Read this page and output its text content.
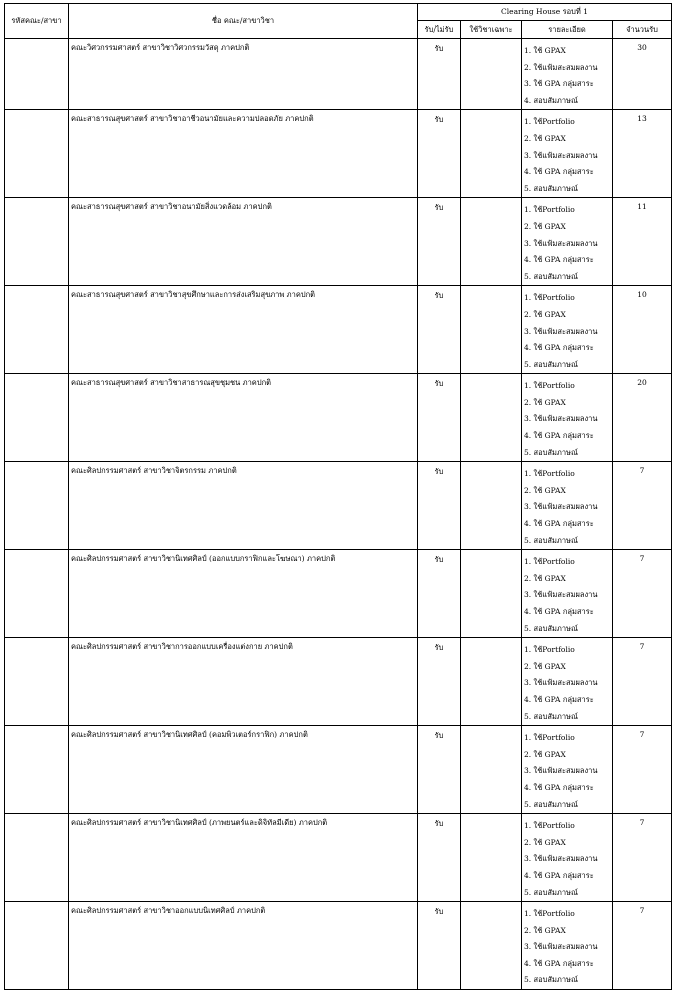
รหัสคณะ/สาขา	ชื่อ คณะ/สาขาวิชา	Clearing House รอบที่ 1			
		รับ/ไม่รับ	ใช้วิชาเฉพาะ	รายละเอียด	จำนวนรับ
	คณะวิศวกรรมศาสตร์ สาขาวิชาวิศวกรรมวัสดุ ภาคปกติ	รับ		1. ใช้ GPAX
2. ใช้แฟ้มสะสมผลงาน
3. ใช้ GPA กลุ่มสาระ
4. สอบสัมภาษณ์	30
	คณะสาธารณสุขศาสตร์ สาขาวิชาอาชีวอนามัยและความปลอดภัย ภาคปกติ	รับ		1. ใช้Portfolio
2. ใช้ GPAX
3. ใช้แฟ้มสะสมผลงาน
4. ใช้ GPA กลุ่มสาระ
5. สอบสัมภาษณ์	13
	คณะสาธารณสุขศาสตร์ สาขาวิชาอนามัยสิ่งแวดล้อม ภาคปกติ	รับ		1. ใช้Portfolio
2. ใช้ GPAX
3. ใช้แฟ้มสะสมผลงาน
4. ใช้ GPA กลุ่มสาระ
5. สอบสัมภาษณ์	11
	คณะสาธารณสุขศาสตร์ สาขาวิชาสุขศึกษาและการส่งเสริมสุขภาพ ภาคปกติ	รับ		1. ใช้Portfolio
2. ใช้ GPAX
3. ใช้แฟ้มสะสมผลงาน
4. ใช้ GPA กลุ่มสาระ
5. สอบสัมภาษณ์	10
	คณะสาธารณสุขศาสตร์ สาขาวิชาสาธารณสุขชุมชน ภาคปกติ	รับ		1. ใช้Portfolio
2. ใช้ GPAX
3. ใช้แฟ้มสะสมผลงาน
4. ใช้ GPA กลุ่มสาระ
5. สอบสัมภาษณ์	20
	คณะศิลปกรรมศาสตร์ สาขาวิชาจิตรกรรม ภาคปกติ	รับ		1. ใช้Portfolio
2. ใช้ GPAX
3. ใช้แฟ้มสะสมผลงาน
4. ใช้ GPA กลุ่มสาระ
5. สอบสัมภาษณ์	7
	คณะศิลปกรรมศาสตร์ สาขาวิชานิเทศศิลป์ (ออกแบบกราฟิกและโฆษณา) ภาคปกติ	รับ		1. ใช้Portfolio
2. ใช้ GPAX
3. ใช้แฟ้มสะสมผลงาน
4. ใช้ GPA กลุ่มสาระ
5. สอบสัมภาษณ์	7
	คณะศิลปกรรมศาสตร์ สาขาวิชาการออกแบบเครื่องแต่งกาย ภาคปกติ	รับ		1. ใช้Portfolio
2. ใช้ GPAX
3. ใช้แฟ้มสะสมผลงาน
4. ใช้ GPA กลุ่มสาระ
5. สอบสัมภาษณ์	7
	คณะศิลปกรรมศาสตร์ สาขาวิชานิเทศศิลป์ (คอมพิวเตอร์กราฟิก) ภาคปกติ	รับ		1. ใช้Portfolio
2. ใช้ GPAX
3. ใช้แฟ้มสะสมผลงาน
4. ใช้ GPA กลุ่มสาระ
5. สอบสัมภาษณ์	7
	คณะศิลปกรรมศาสตร์ สาขาวิชานิเทศศิลป์ (ภาพยนตร์และดิจิทัลมีเดีย) ภาคปกติ	รับ		1. ใช้Portfolio
2. ใช้ GPAX
3. ใช้แฟ้มสะสมผลงาน
4. ใช้ GPA กลุ่มสาระ
5. สอบสัมภาษณ์	7
	คณะศิลปกรรมศาสตร์ สาขาวิชาออกแบบนิเทศศิลป์ ภาคปกติ	รับ		1. ใช้Portfolio
2. ใช้ GPAX
3. ใช้แฟ้มสะสมผลงาน
4. ใช้ GPA กลุ่มสาระ
5. สอบสัมภาษณ์	7
